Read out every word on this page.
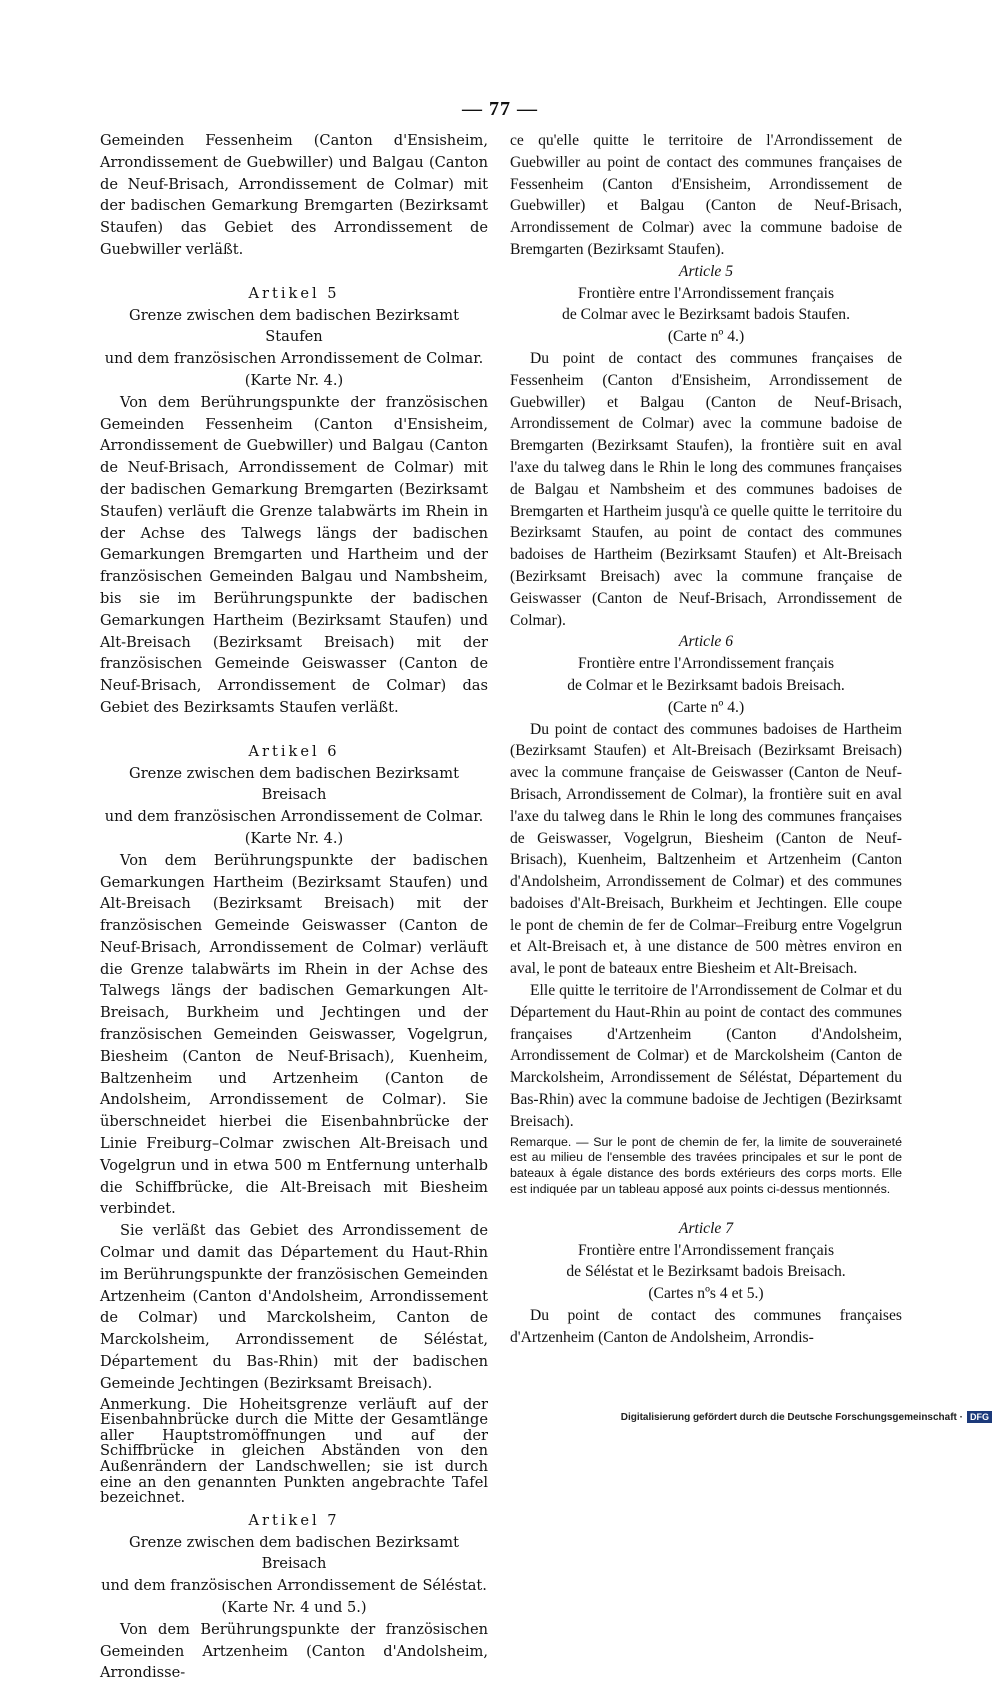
— 77 —

Gemeinden Fessenheim (Canton d'Ensisheim, Arrondissement de Guebwiller) und Balgau (Canton de Neuf-Brisach, Arrondissement de Colmar) mit der badischen Gemarkung Bremgarten (Bezirksamt Staufen) das Gebiet des Arrondissement de Guebwiller verläßt.

Artikel 5

Grenze zwischen dem badischen Bezirksamt Staufen

und dem französischen Arrondissement de Colmar.

(Karte Nr. 4.)

Von dem Berührungspunkte der französischen Gemeinden Fessenheim (Canton d'Ensisheim, Arrondissement de Guebwiller) und Balgau (Canton de Neuf-Brisach, Arrondissement de Colmar) mit der badischen Gemarkung Bremgarten (Bezirksamt Staufen) verläuft die Grenze talabwärts im Rhein in der Achse des Talwegs längs der badischen Gemarkungen Bremgarten und Hartheim und der französischen Gemeinden Balgau und Nambsheim, bis sie im Berührungspunkte der badischen Gemarkungen Hartheim (Bezirksamt Staufen) und Alt-Breisach (Bezirksamt Breisach) mit der französischen Gemeinde Geiswasser (Canton de Neuf-Brisach, Arrondissement de Colmar) das Gebiet des Bezirksamts Staufen verläßt.

Artikel 6

Grenze zwischen dem badischen Bezirksamt Breisach

und dem französischen Arrondissement de Colmar.

(Karte Nr. 4.)

Von dem Berührungspunkte der badischen Gemarkungen Hartheim (Bezirksamt Staufen) und Alt-Breisach (Bezirksamt Breisach) mit der französischen Gemeinde Geiswasser (Canton de Neuf-Brisach, Arrondissement de Colmar) verläuft die Grenze talabwärts im Rhein in der Achse des Talwegs längs der badischen Gemarkungen Alt-Breisach, Burkheim und Jechtingen und der französischen Gemeinden Geiswasser, Vogelgrun, Biesheim (Canton de Neuf-Brisach), Kuenheim, Baltzenheim und Artzenheim (Canton de Andolsheim, Arrondissement de Colmar). Sie überschneidet hierbei die Eisenbahnbrücke der Linie Freiburg–Colmar zwischen Alt-Breisach und Vogelgrun und in etwa 500 m Entfernung unterhalb die Schiffbrücke, die Alt-Breisach mit Biesheim verbindet.

Sie verläßt das Gebiet des Arrondissement de Colmar und damit das Département du Haut-Rhin im Berührungspunkte der französischen Gemeinden Artzenheim (Canton d'Andolsheim, Arrondissement de Colmar) und Marckolsheim, Canton de Marckolsheim, Arrondissement de Séléstat, Département du Bas-Rhin) mit der badischen Gemeinde Jechtingen (Bezirksamt Breisach).

Anmerkung. Die Hoheitsgrenze verläuft auf der Eisenbahnbrücke durch die Mitte der Gesamtlänge aller Hauptstromöffnungen und auf der Schiffbrücke in gleichen Abständen von den Außenrändern der Landschwellen; sie ist durch eine an den genannten Punkten angebrachte Tafel bezeichnet.

Artikel 7

Grenze zwischen dem badischen Bezirksamt Breisach

und dem französischen Arrondissement de Séléstat.

(Karte Nr. 4 und 5.)

Von dem Berührungspunkte der französischen Gemeinden Artzenheim (Canton d'Andolsheim, Arrondisse-

ce qu'elle quitte le territoire de l'Arrondissement de Guebwiller au point de contact des communes françaises de Fessenheim (Canton d'Ensisheim, Arrondissement de Guebwiller) et Balgau (Canton de Neuf-Brisach, Arrondissement de Colmar) avec la commune badoise de Bremgarten (Bezirksamt Staufen).

Article 5

Frontière entre l'Arrondissement français

de Colmar avec le Bezirksamt badois Staufen.

(Carte nº 4.)

Du point de contact des communes françaises de Fessenheim (Canton d'Ensisheim, Arrondissement de Guebwiller) et Balgau (Canton de Neuf-Brisach, Arrondissement de Colmar) avec la commune badoise de Bremgarten (Bezirksamt Staufen), la frontière suit en aval l'axe du talweg dans le Rhin le long des communes françaises de Balgau et Nambsheim et des communes badoises de Bremgarten et Hartheim jusqu'à ce quelle quitte le territoire du Bezirksamt Staufen, au point de contact des communes badoises de Hartheim (Bezirksamt Staufen) et Alt-Breisach (Bezirksamt Breisach) avec la commune française de Geiswasser (Canton de Neuf-Brisach, Arrondissement de Colmar).

Article 6

Frontière entre l'Arrondissement français

de Colmar et le Bezirksamt badois Breisach.

(Carte nº 4.)

Du point de contact des communes badoises de Hartheim (Bezirksamt Staufen) et Alt-Breisach (Bezirksamt Breisach) avec la commune française de Geiswasser (Canton de Neuf-Brisach, Arrondissement de Colmar), la frontière suit en aval l'axe du talweg dans le Rhin le long des communes françaises de Geiswasser, Vogelgrun, Biesheim (Canton de Neuf-Brisach), Kuenheim, Baltzenheim et Artzenheim (Canton d'Andolsheim, Arrondissement de Colmar) et des communes badoises d'Alt-Breisach, Burkheim et Jechtingen. Elle coupe le pont de chemin de fer de Colmar–Freiburg entre Vogelgrun et Alt-Breisach et, à une distance de 500 mètres environ en aval, le pont de bateaux entre Biesheim et Alt-Breisach.

Elle quitte le territoire de l'Arrondissement de Colmar et du Département du Haut-Rhin au point de contact des communes françaises d'Artzenheim (Canton d'Andolsheim, Arrondissement de Colmar) et de Marckolsheim (Canton de Marckolsheim, Arrondissement de Séléstat, Département du Bas-Rhin) avec la commune badoise de Jechtigen (Bezirksamt Breisach).

Remarque. — Sur le pont de chemin de fer, la limite de souveraineté est au milieu de l'ensemble des travées principales et sur le pont de bateaux à égale distance des bords extérieurs des corps morts. Elle est indiquée par un tableau apposé aux points ci-dessus mentionnés.

Article 7

Frontière entre l'Arrondissement français

de Séléstat et le Bezirksamt badois Breisach.

(Cartes nºs 4 et 5.)

Du point de contact des communes françaises d'Artzenheim (Canton de Andolsheim, Arrondis-

Digitalisierung gefördert durch die Deutsche Forschungsgemeinschaft · DFG
